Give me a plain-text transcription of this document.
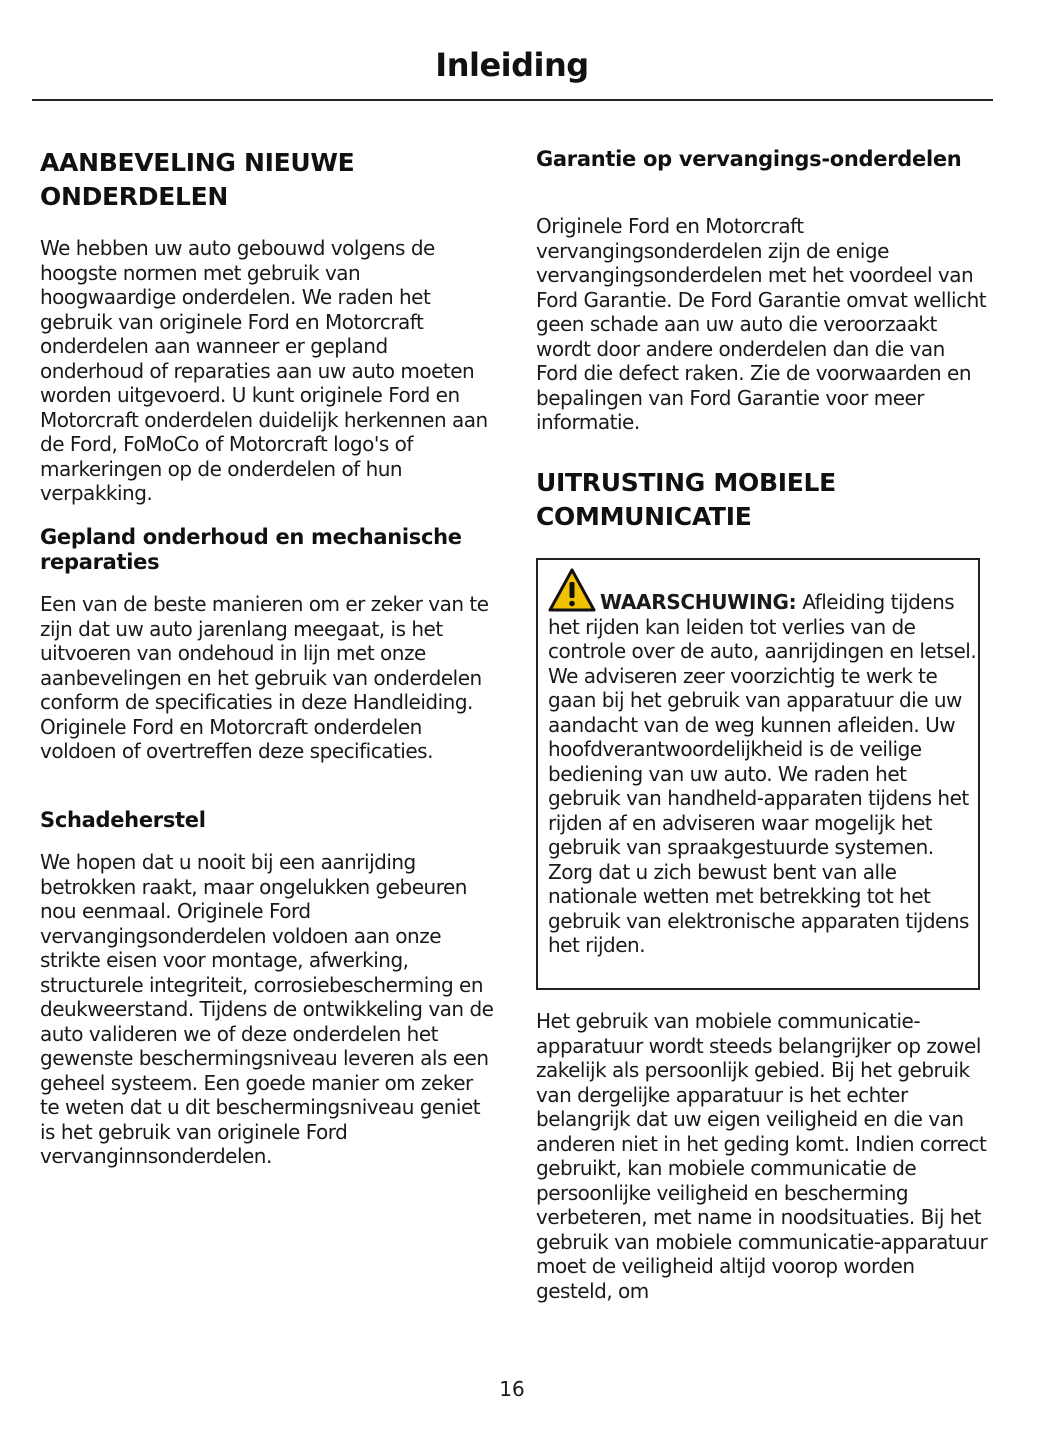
Inleiding
AANBEVELING NIEUWE ONDERDELEN

We hebben uw auto gebouwd volgens de hoogste normen met gebruik van hoogwaardige onderdelen. We raden het gebruik van originele Ford en Motorcraft onderdelen aan wanneer er gepland onderhoud of reparaties aan uw auto moeten worden uitgevoerd. U kunt originele Ford en Motorcraft onderdelen duidelijk herkennen aan de Ford, FoMoCo of Motorcraft logo's of markeringen op de onderdelen of hun verpakking.

Gepland onderhoud en mechanische reparaties

Een van de beste manieren om er zeker van te zijn dat uw auto jarenlang meegaat, is het uitvoeren van ondehoud in lijn met onze aanbevelingen en het gebruik van onderdelen conform de specificaties in deze Handleiding. Originele Ford en Motorcraft onderdelen voldoen of overtreffen deze specificaties.

Schadeherstel

We hopen dat u nooit bij een aanrijding betrokken raakt, maar ongelukken gebeuren nou eenmaal. Originele Ford vervangingsonderdelen voldoen aan onze strikte eisen voor montage, afwerking, structurele integriteit, corrosiebescherming en deukweerstand. Tijdens de ontwikkeling van de auto valideren we of deze onderdelen het gewenste beschermingsniveau leveren als een geheel systeem. Een goede manier om zeker te weten dat u dit beschermingsniveau geniet is het gebruik van originele Ford vervanginnsonderdelen.

Garantie op vervangings-onderdelen

Originele Ford en Motorcraft vervangingsonderdelen zijn de enige vervangingsonderdelen met het voordeel van Ford Garantie. De Ford Garantie omvat wellicht geen schade aan uw auto die veroorzaakt wordt door andere onderdelen dan die van Ford die defect raken. Zie de voorwaarden en bepalingen van Ford Garantie voor meer informatie.

UITRUSTING MOBIELE COMMUNICATIE

WAARSCHUWING: Afleiding tijdens het rijden kan leiden tot verlies van de controle over de auto, aanrijdingen en letsel. We adviseren zeer voorzichtig te werk te gaan bij het gebruik van apparatuur die uw aandacht van de weg kunnen afleiden. Uw hoofdverantwoordelijkheid is de veilige bediening van uw auto. We raden het gebruik van handheld-apparaten tijdens het rijden af en adviseren waar mogelijk het gebruik van spraakgestuurde systemen. Zorg dat u zich bewust bent van alle nationale wetten met betrekking tot het gebruik van elektronische apparaten tijdens het rijden.

Het gebruik van mobiele communicatie-apparatuur wordt steeds belangrijker op zowel zakelijk als persoonlijk gebied. Bij het gebruik van dergelijke apparatuur is het echter belangrijk dat uw eigen veiligheid en die van anderen niet in het geding komt. Indien correct gebruikt, kan mobiele communicatie de persoonlijke veiligheid en bescherming verbeteren, met name in noodsituaties. Bij het gebruik van mobiele communicatie-apparatuur moet de veiligheid altijd voorop worden gesteld, om

16
